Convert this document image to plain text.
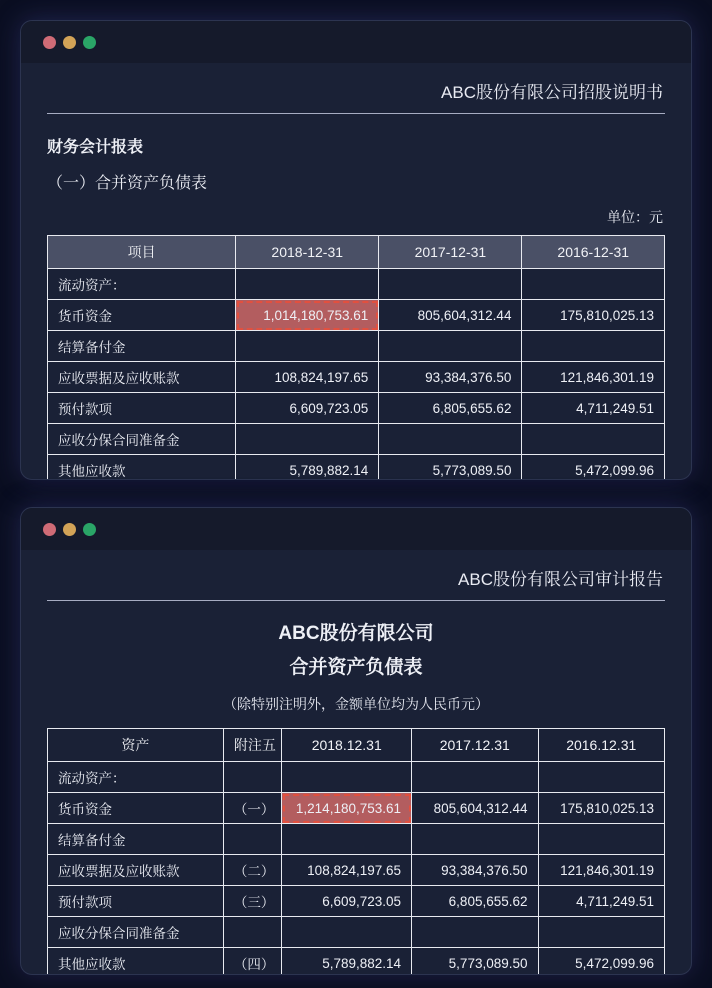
ABC股份有限公司招股说明书
财务会计报表
（一）合并资产负债表
单位：元
项目	2018-12-31	2017-12-31	2016-12-31
流动资产：			
货币资金	1,014,180,753.61	805,604,312.44	175,810,025.13
结算备付金			
应收票据及应收账款	108,824,197.65	93,384,376.50	121,846,301.19
预付款项	6,609,723.05	6,805,655.62	4,711,249.51
应收分保合同准备金			
其他应收款	5,789,882.14	5,773,089.50	5,472,099.96
ABC股份有限公司审计报告
ABC股份有限公司
合并资产负债表
（除特别注明外，金额单位均为人民币元）
资产	附注五	2018.12.31	2017.12.31	2016.12.31
流动资产：				
货币资金	（一）	1,214,180,753.61	805,604,312.44	175,810,025.13
结算备付金				
应收票据及应收账款	（二）	108,824,197.65	93,384,376.50	121,846,301.19
预付款项	（三）	6,609,723.05	6,805,655.62	4,711,249.51
应收分保合同准备金				
其他应收款	（四）	5,789,882.14	5,773,089.50	5,472,099.96
